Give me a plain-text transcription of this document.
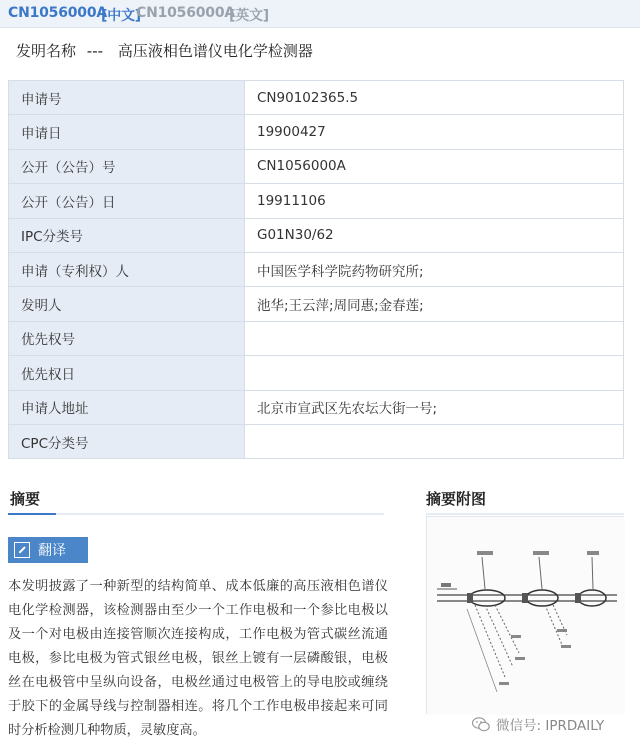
CN1056000A
[中文]
CN1056000A
[英文]
发明名称 --- 高压液相色谱仪电化学检测器
申请号	CN90102365.5
申请日	19900427
公开（公告）号	CN1056000A
公开（公告）日	19911106
IPC分类号	G01N30/62
申请（专利权）人	中国医学科学院药物研究所;
发明人	池华;王云萍;周同惠;金春莲;
优先权号	
优先权日	
申请人地址	北京市宣武区先农坛大街一号;
CPC分类号	
摘要	摘要附图
翻译
本发明披露了一种新型的结构简单、成本低廉的高压液相色谱仪电化学检测器，该检测器由至少一个工作电极和一个参比电极以及一个对电极由连接管顺次连接构成，工作电极为管式碳丝流通电极，参比电极为管式银丝电极，银丝上镀有一层磷酸银，电极丝在电极管中呈纵向设备，电极丝通过电极管上的导电胶或缠绕于胶下的金属导线与控制器相连。将几个工作电极串接起来可同时分析检测几种物质，灵敏度高。	微信号: IPRDAILY
